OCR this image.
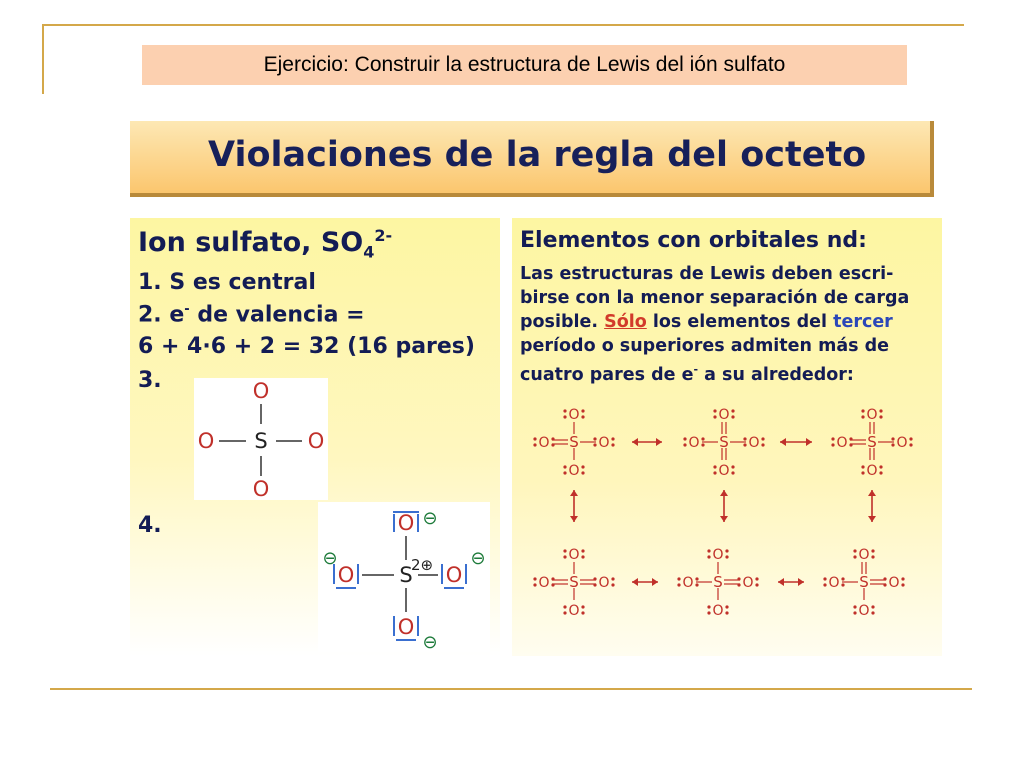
Ejercicio: Construir la estructura de Lewis del ión sulfato
Violaciones de la regla del octeto
Ion sulfato, $SO_4^{2-}$
1. S es central
2. e- de valencia =
6 + 4·6 + 2 = 32 (16 pares)
3.
4.
O
O S O
O
O
O S O
O
⊖
⊖	⊖
⊖
2⊕
Elementos con orbitales nd:
Las estructuras de Lewis deben escri-
birse con la menor separación de carga
posible. Sólo los elementos del tercer
período o superiores admiten más de
cuatro pares de e- a su alrededor:
S
O
O	O
O
S
O
O	O
O
S
O
O	O
O
S
O
O	O
O
S
O
O	O
O
S
O
O	O
O
